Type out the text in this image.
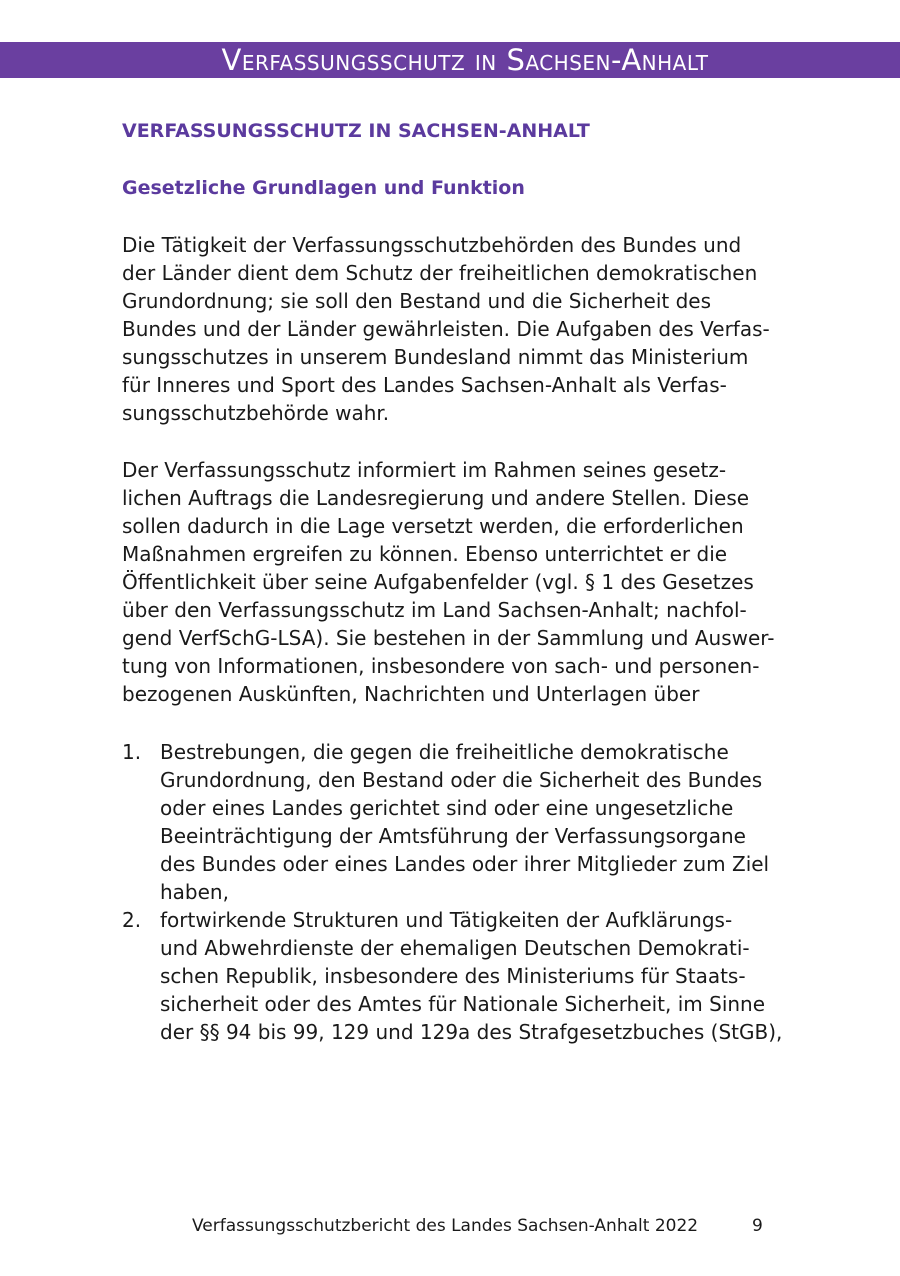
Verfassungsschutz in Sachsen-Anhalt
VERFASSUNGSSCHUTZ IN SACHSEN-ANHALT
Gesetzliche Grundlagen und Funktion
Die Tätigkeit der Verfassungsschutzbehörden des Bundes und
der Länder dient dem Schutz der freiheitlichen demokratischen
Grundordnung; sie soll den Bestand und die Sicherheit des
Bundes und der Länder gewährleisten. Die Aufgaben des Verfas-
sungsschutzes in unserem Bundesland nimmt das Ministerium
für Inneres und Sport des Landes Sachsen-Anhalt als Verfas-
sungsschutzbehörde wahr.
Der Verfassungsschutz informiert im Rahmen seines gesetz-
lichen Auftrags die Landesregierung und andere Stellen. Diese
sollen dadurch in die Lage versetzt werden, die erforderlichen
Maßnahmen ergreifen zu können. Ebenso unterrichtet er die
Öffentlichkeit über seine Aufgabenfelder (vgl. § 1 des Gesetzes
über den Verfassungsschutz im Land Sachsen-Anhalt; nachfol-
gend VerfSchG-LSA). Sie bestehen in der Sammlung und Auswer-
tung von Informationen, insbesondere von sach- und personen-
bezogenen Auskünften, Nachrichten und Unterlagen über
1. Bestrebungen, die gegen die freiheitliche demokratische
Grundordnung, den Bestand oder die Sicherheit des Bundes
oder eines Landes gerichtet sind oder eine ungesetzliche
Beeinträchtigung der Amtsführung der Verfassungsorgane
des Bundes oder eines Landes oder ihrer Mitglieder zum Ziel
haben,
2. fortwirkende Strukturen und Tätigkeiten der Aufklärungs-
und Abwehrdienste der ehemaligen Deutschen Demokrati-
schen Republik, insbesondere des Ministeriums für Staats-
sicherheit oder des Amtes für Nationale Sicherheit, im Sinne
der §§ 94 bis 99, 129 und 129a des Strafgesetzbuches (StGB),
Verfassungsschutzbericht des Landes Sachsen-Anhalt 2022	9
